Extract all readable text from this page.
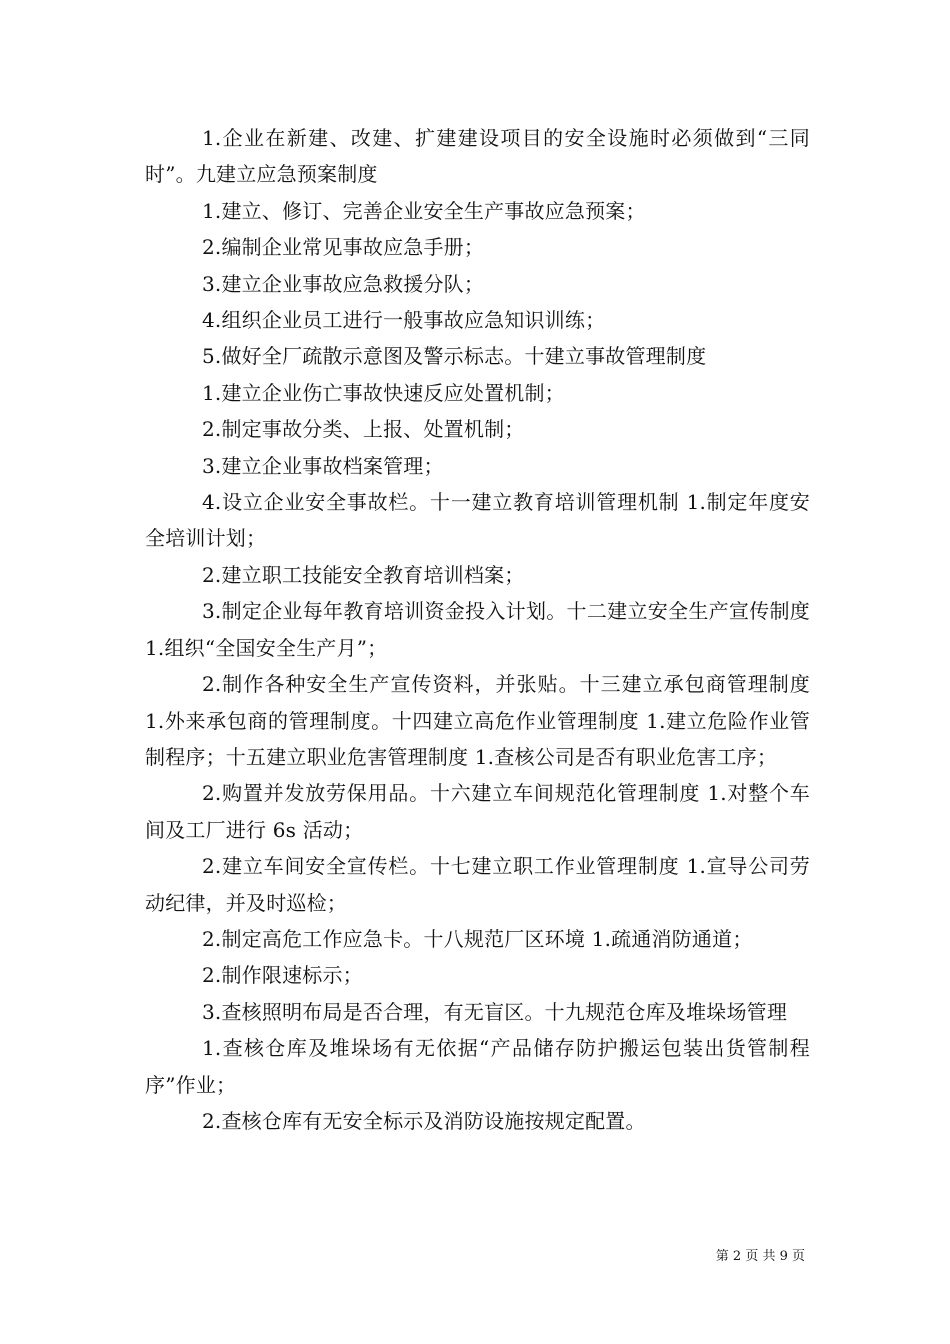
1.企业在新建、改建、扩建建设项目的安全设施时必须做到“三同时”。九建立应急预案制度

1.建立、修订、完善企业安全生产事故应急预案；

2.编制企业常见事故应急手册；

3.建立企业事故应急救援分队；

4.组织企业员工进行一般事故应急知识训练；

5.做好全厂疏散示意图及警示标志。十建立事故管理制度

1.建立企业伤亡事故快速反应处置机制；

2.制定事故分类、上报、处置机制；

3.建立企业事故档案管理；

4.设立企业安全事故栏。十一建立教育培训管理机制 1.制定年度安全培训计划；

2.建立职工技能安全教育培训档案；

3.制定企业每年教育培训资金投入计划。十二建立安全生产宣传制度 1.组织“全国安全生产月”；

2.制作各种安全生产宣传资料，并张贴。十三建立承包商管理制度 1.外来承包商的管理制度。十四建立高危作业管理制度 1.建立危险作业管制程序；十五建立职业危害管理制度 1.查核公司是否有职业危害工序；

2.购置并发放劳保用品。十六建立车间规范化管理制度 1.对整个车间及工厂进行 6s 活动；

2.建立车间安全宣传栏。十七建立职工作业管理制度 1.宣导公司劳动纪律，并及时巡检；

2.制定高危工作应急卡。十八规范厂区环境 1.疏通消防通道；

2.制作限速标示；

3.查核照明布局是否合理，有无盲区。十九规范仓库及堆垛场管理

1.查核仓库及堆垛场有无依据“产品储存防护搬运包装出货管制程序”作业；

2.查核仓库有无安全标示及消防设施按规定配置。

第 2 页 共 9 页
